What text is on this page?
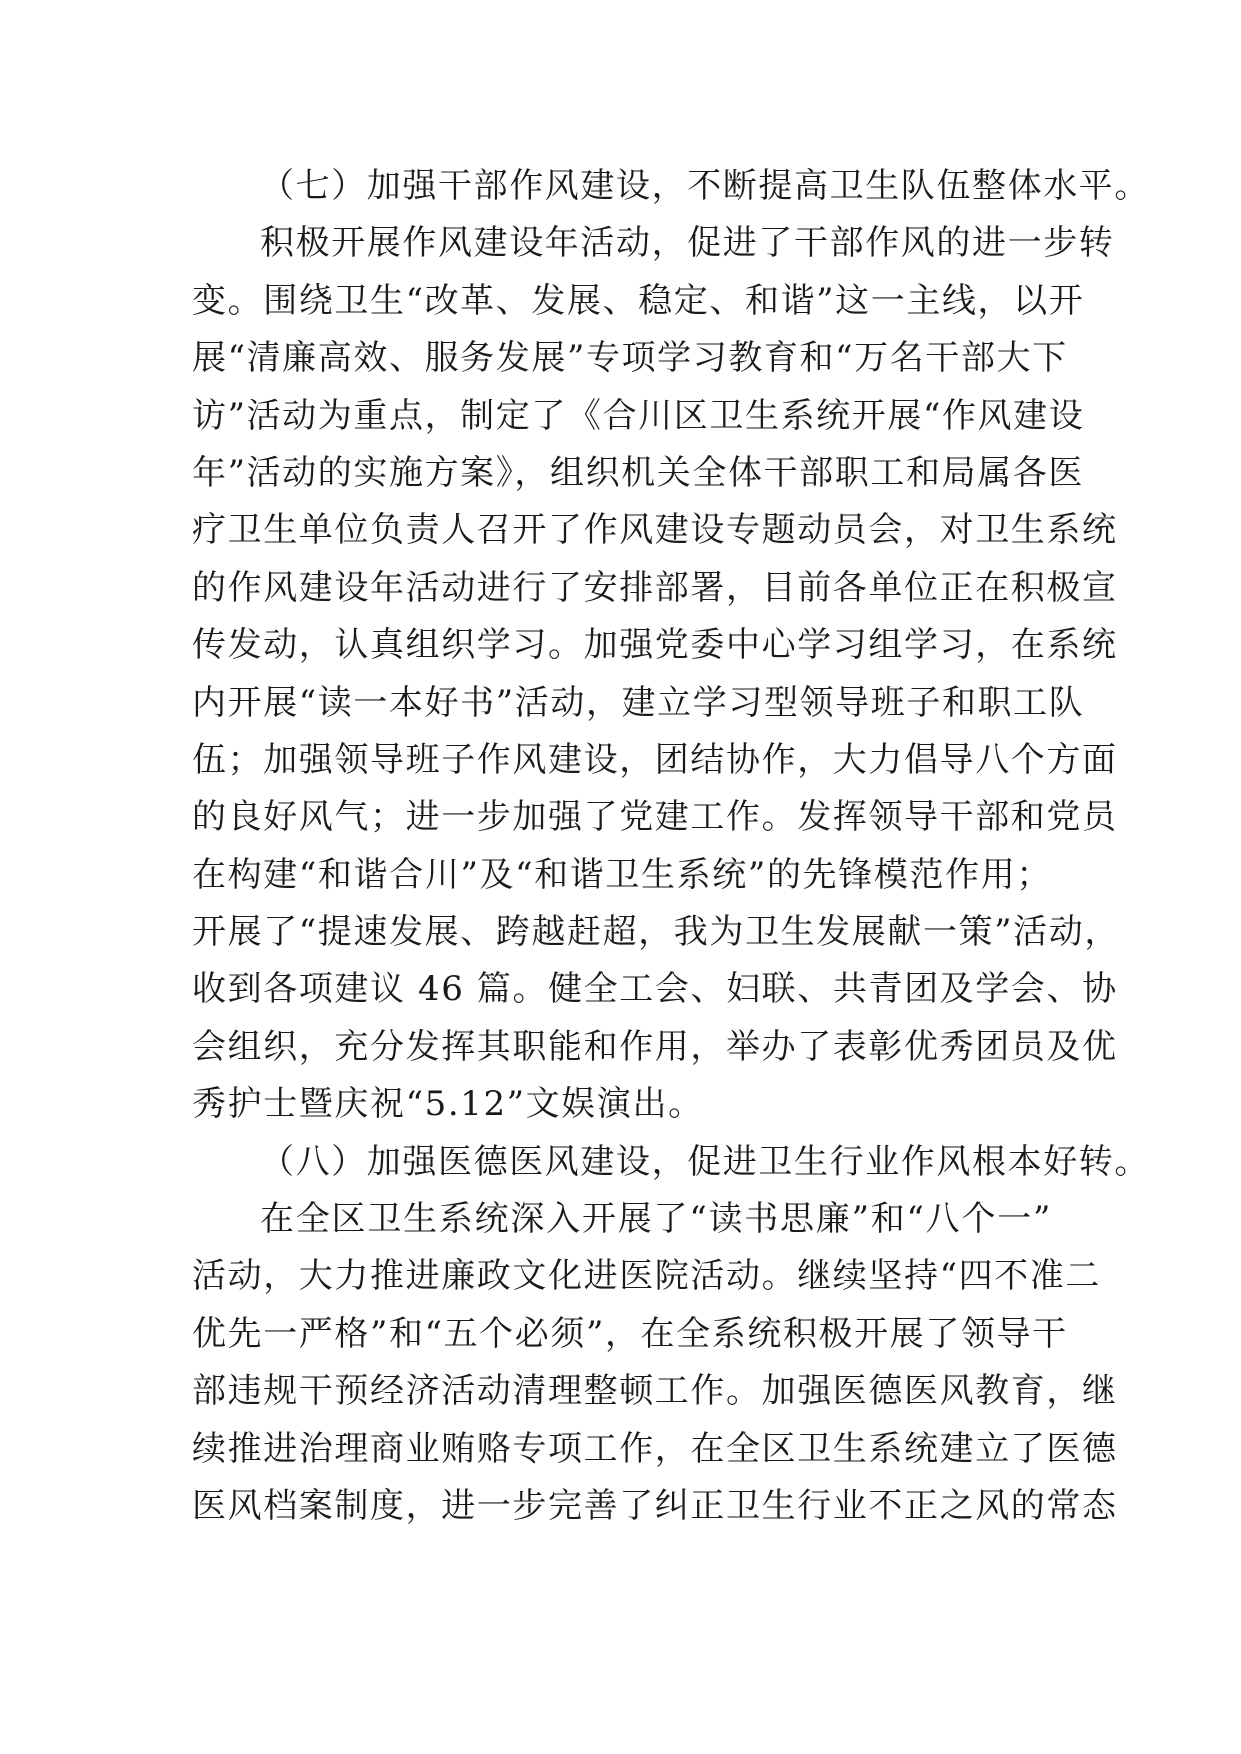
（七）加强干部作风建设，不断提高卫生队伍整体水平。
积极开展作风建设年活动，促进了干部作风的进一步转
变。围绕卫生“改革、发展、稳定、和谐”这一主线，以开
展“清廉高效、服务发展”专项学习教育和“万名干部大下
访”活动为重点，制定了《合川区卫生系统开展“作风建设
年”活动的实施方案》，组织机关全体干部职工和局属各医
疗卫生单位负责人召开了作风建设专题动员会，对卫生系统
的作风建设年活动进行了安排部署，目前各单位正在积极宣
传发动，认真组织学习。加强党委中心学习组学习，在系统
内开展“读一本好书”活动，建立学习型领导班子和职工队
伍；加强领导班子作风建设，团结协作，大力倡导八个方面
的良好风气；进一步加强了党建工作。发挥领导干部和党员
在构建“和谐合川”及“和谐卫生系统”的先锋模范作用；
开展了“提速发展、跨越赶超，我为卫生发展献一策”活动，
收到各项建议 46 篇。健全工会、妇联、共青团及学会、协
会组织，充分发挥其职能和作用，举办了表彰优秀团员及优
秀护士暨庆祝“5.12”文娱演出。
（八）加强医德医风建设，促进卫生行业作风根本好转。
在全区卫生系统深入开展了“读书思廉”和“八个一”
活动，大力推进廉政文化进医院活动。继续坚持“四不准二
优先一严格”和“五个必须”，在全系统积极开展了领导干
部违规干预经济活动清理整顿工作。加强医德医风教育，继
续推进治理商业贿赂专项工作，在全区卫生系统建立了医德
医风档案制度，进一步完善了纠正卫生行业不正之风的常态
